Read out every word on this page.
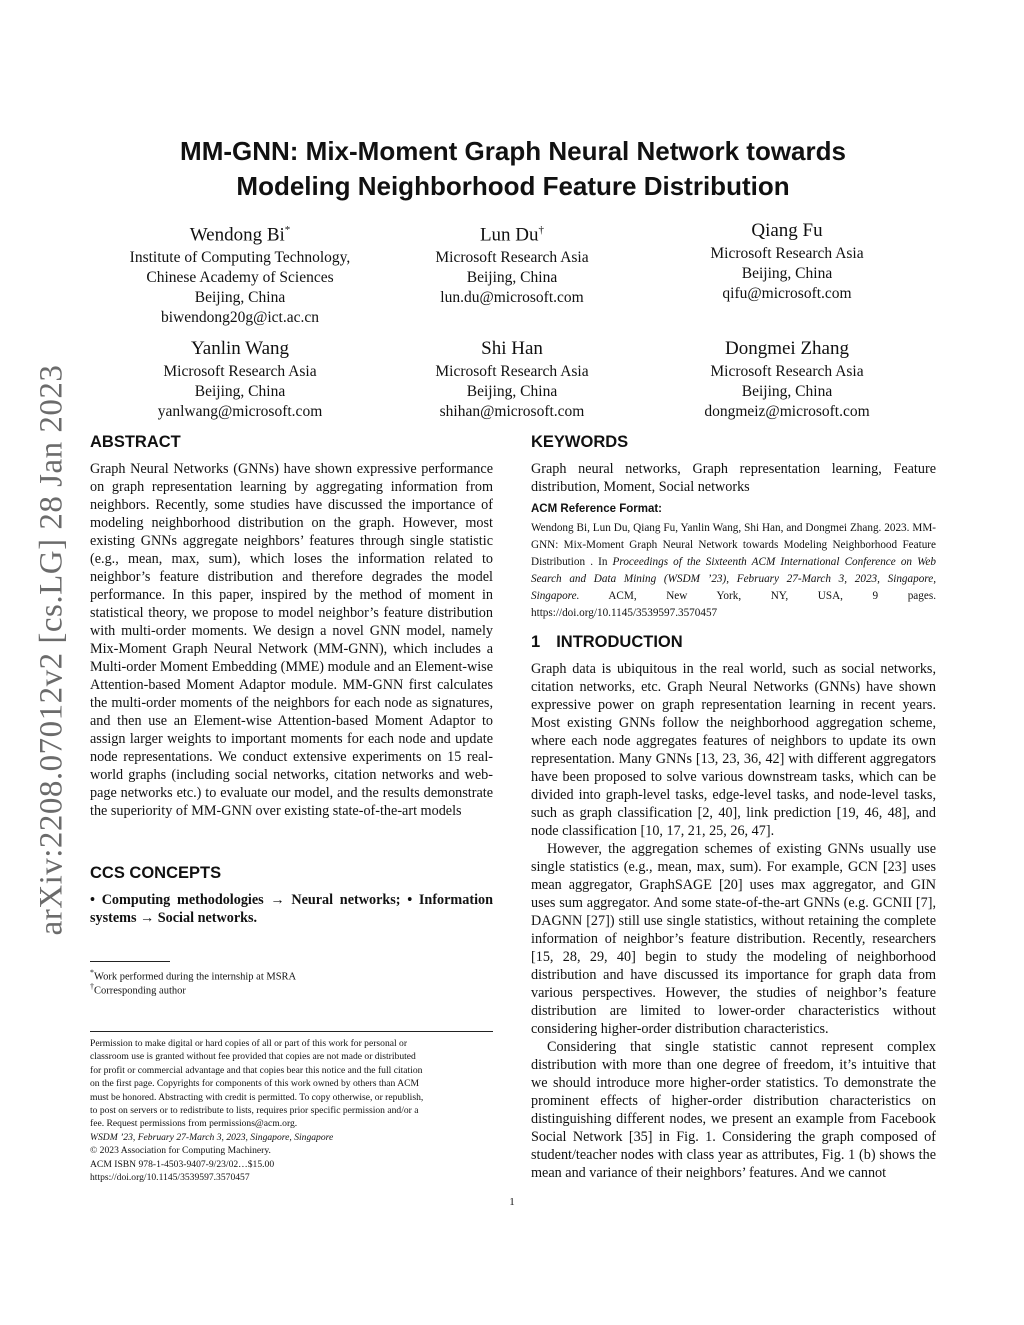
arXiv:2208.07012v2 [cs.LG] 28 Jan 2023
MM-GNN: Mix-Moment Graph Neural Network towards
Modeling Neighborhood Feature Distribution
Wendong Bi*
Institute of Computing Technology,
Chinese Academy of Sciences
Beijing, China
biwendong20g@ict.ac.cn
Lun Du†
Microsoft Research Asia
Beijing, China
lun.du@microsoft.com
Qiang Fu
Microsoft Research Asia
Beijing, China
qifu@microsoft.com
Yanlin Wang
Microsoft Research Asia
Beijing, China
yanlwang@microsoft.com
Shi Han
Microsoft Research Asia
Beijing, China
shihan@microsoft.com
Dongmei Zhang
Microsoft Research Asia
Beijing, China
dongmeiz@microsoft.com
ABSTRACT

Graph Neural Networks (GNNs) have shown expressive performance on graph representation learning by aggregating information from neighbors. Recently, some studies have discussed the importance of modeling neighborhood distribution on the graph. However, most existing GNNs aggregate neighbors’ features through single statistic (e.g., mean, max, sum), which loses the information related to neighbor’s feature distribution and therefore degrades the model performance. In this paper, inspired by the method of moment in statistical theory, we propose to model neighbor’s feature distribution with multi-order moments. We design a novel GNN model, namely Mix-Moment Graph Neural Network (MM-GNN), which includes a Multi-order Moment Embedding (MME) module and an Element-wise Attention-based Moment Adaptor module. MM-GNN first calculates the multi-order moments of the neighbors for each node as signatures, and then use an Element-wise Attention-based Moment Adaptor to assign larger weights to important moments for each node and update node representations. We conduct extensive experiments on 15 real-world graphs (including social networks, citation networks and web-page networks etc.) to evaluate our model, and the results demonstrate the superiority of MM-GNN over existing state-of-the-art models

CCS CONCEPTS

• Computing methodologies → Neural networks; • Information systems → Social networks.

*Work performed during the internship at MSRA
†Corresponding author
Permission to make digital or hard copies of all or part of this work for personal or
classroom use is granted without fee provided that copies are not made or distributed
for profit or commercial advantage and that copies bear this notice and the full citation
on the first page. Copyrights for components of this work owned by others than ACM
must be honored. Abstracting with credit is permitted. To copy otherwise, or republish,
to post on servers or to redistribute to lists, requires prior specific permission and/or a
fee. Request permissions from permissions@acm.org.
WSDM ’23, February 27-March 3, 2023, Singapore, Singapore
© 2023 Association for Computing Machinery.
ACM ISBN 978-1-4503-9407-9/23/02…$15.00
https://doi.org/10.1145/3539597.3570457
KEYWORDS

Graph neural networks, Graph representation learning, Feature distribution, Moment, Social networks

ACM Reference Format:

Wendong Bi, Lun Du, Qiang Fu, Yanlin Wang, Shi Han, and Dongmei Zhang. 2023. MM-GNN: Mix-Moment Graph Neural Network towards Modeling Neighborhood Feature Distribution . In Proceedings of the Sixteenth ACM International Conference on Web Search and Data Mining (WSDM ’23), February 27-March 3, 2023, Singapore, Singapore. ACM, New York, NY, USA, 9 pages. https://doi.org/10.1145/3539597.3570457

1 INTRODUCTION

Graph data is ubiquitous in the real world, such as social networks, citation networks, etc. Graph Neural Networks (GNNs) have shown expressive power on graph representation learning in recent years. Most existing GNNs follow the neighborhood aggregation scheme, where each node aggregates features of neighbors to update its own representation. Many GNNs [13, 23, 36, 42] with different aggregators have been proposed to solve various downstream tasks, which can be divided into graph-level tasks, edge-level tasks, and node-level tasks, such as graph classification [2, 40], link prediction [19, 46, 48], and node classification [10, 17, 21, 25, 26, 47].

However, the aggregation schemes of existing GNNs usually use single statistics (e.g., mean, max, sum). For example, GCN [23] uses mean aggregator, GraphSAGE [20] uses max aggregator, and GIN uses sum aggregator. And some state-of-the-art GNNs (e.g. GCNII [7], DAGNN [27]) still use single statistics, without retaining the complete information of neighbor’s feature distribution. Recently, researchers [15, 28, 29, 40] begin to study the modeling of neighborhood distribution and have discussed its importance for graph data from various perspectives. However, the studies of neighbor’s feature distribution are limited to lower-order characteristics without considering higher-order distribution characteristics.

Considering that single statistic cannot represent complex distribution with more than one degree of freedom, it’s intuitive that we should introduce more higher-order statistics. To demonstrate the prominent effects of higher-order distribution characteristics on distinguishing different nodes, we present an example from Facebook Social Network [35] in Fig. 1. Considering the graph composed of student/teacher nodes with class year as attributes, Fig. 1 (b) shows the mean and variance of their neighbors’ features. And we cannot

1
